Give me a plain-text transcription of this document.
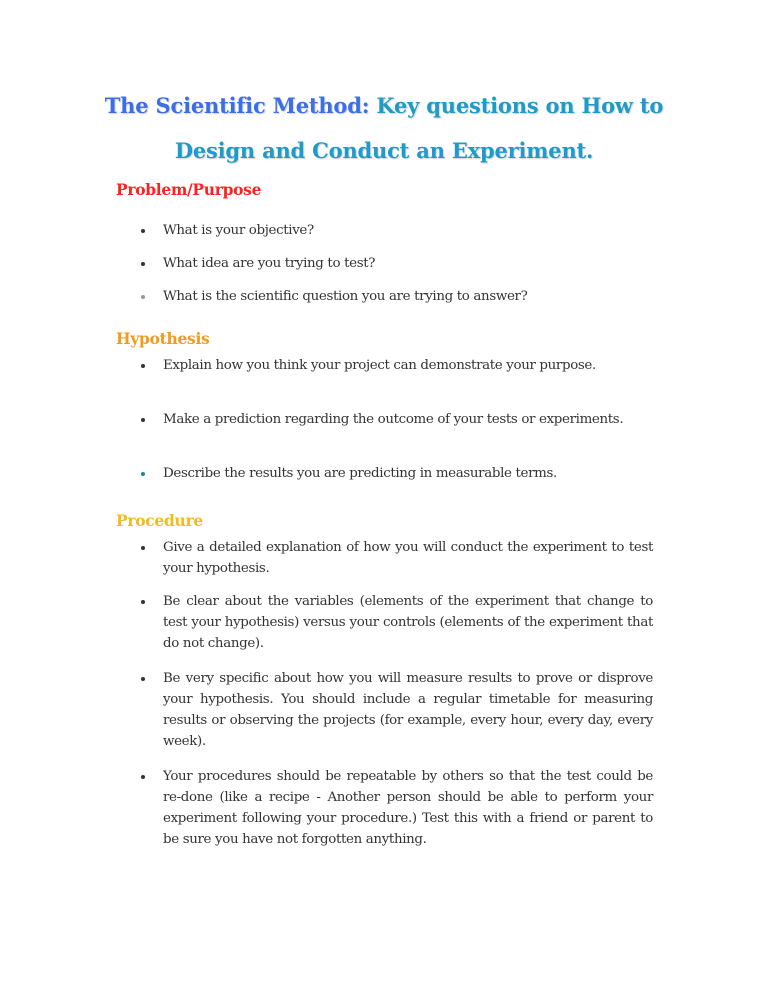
The Scientific Method: Key questions on How to
Design and Conduct an Experiment.
Problem/Purpose
What is your objective?
What idea are you trying to test?
What is the scientific question you are trying to answer?
Hypothesis
Explain how you think your project can demonstrate your purpose.
Make a prediction regarding the outcome of your tests or experiments.
Describe the results you are predicting in measurable terms.
Procedure
Give a detailed explanation of how you will conduct the experiment to test your hypothesis.
Be clear about the variables (elements of the experiment that change to test your hypothesis) versus your controls (elements of the experiment that do not change).
Be very specific about how you will measure results to prove or disprove your hypothesis. You should include a regular timetable for measuring results or observing the projects (for example, every hour, every day, every week).
Your procedures should be repeatable by others so that the test could be re-done (like a recipe - Another person should be able to perform your experiment following your procedure.) Test this with a friend or parent to be sure you have not forgotten anything.
